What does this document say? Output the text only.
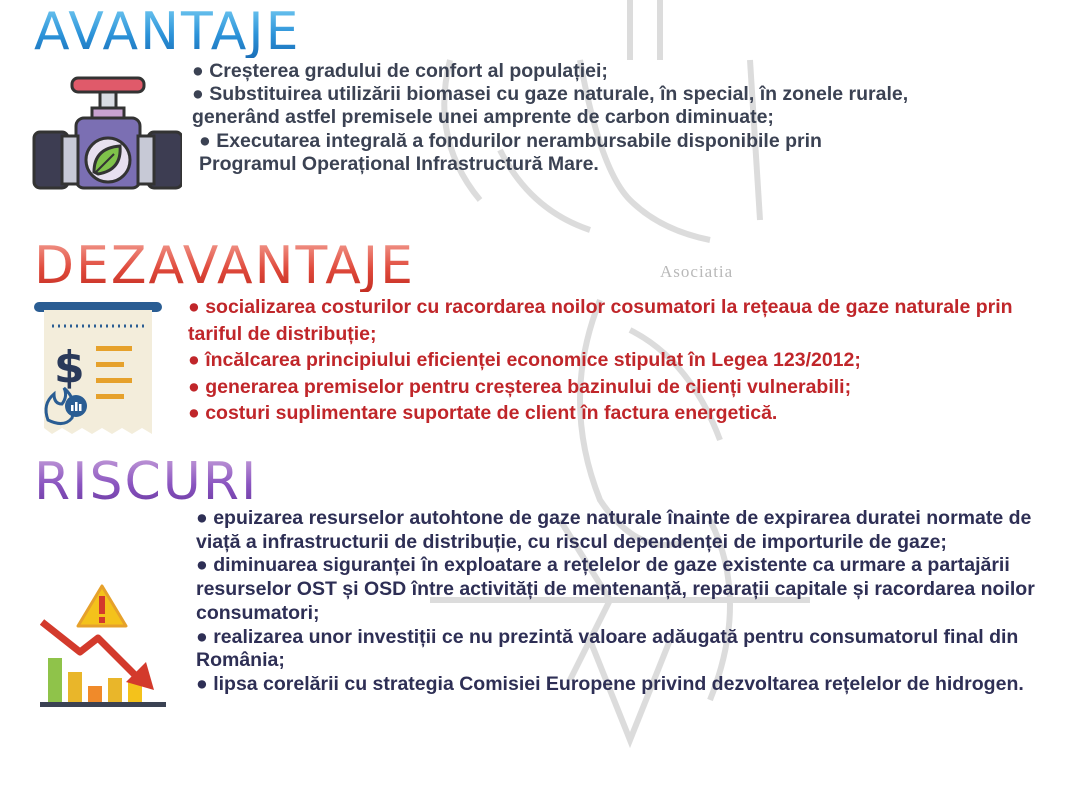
Asociatia
AVANTAJE
● Creșterea gradului de confort al populației;
● Substituirea utilizării biomasei cu gaze naturale, în special, în zonele rurale, generând astfel premisele unei amprente de carbon diminuate;
● Executarea integrală a fondurilor nerambursabile disponibile prin Programul Operațional Infrastructură Mare.
DEZAVANTAJE
$
● socializarea costurilor cu racordarea noilor cosumatori la rețeaua de gaze naturale prin tariful de distribuție;
● încălcarea principiului eficienței economice stipulat în Legea 123/2012;
● generarea premiselor pentru creșterea bazinului de clienți vulnerabili;
● costuri suplimentare suportate de client în factura energetică.
RISCURI
● epuizarea resurselor autohtone de gaze naturale înainte de expirarea duratei normate de viață a infrastructurii de distribuție, cu riscul dependenței de importurile de gaze;
● diminuarea siguranței în exploatare a rețelelor de gaze existente ca urmare a partajării resurselor OST și OSD între activități de mentenanță, reparații capitale și racordarea noilor consumatori;
● realizarea unor investiții ce nu prezintă valoare adăugată pentru consumatorul final din România;
● lipsa corelării cu strategia Comisiei Europene privind dezvoltarea rețelelor de hidrogen.
